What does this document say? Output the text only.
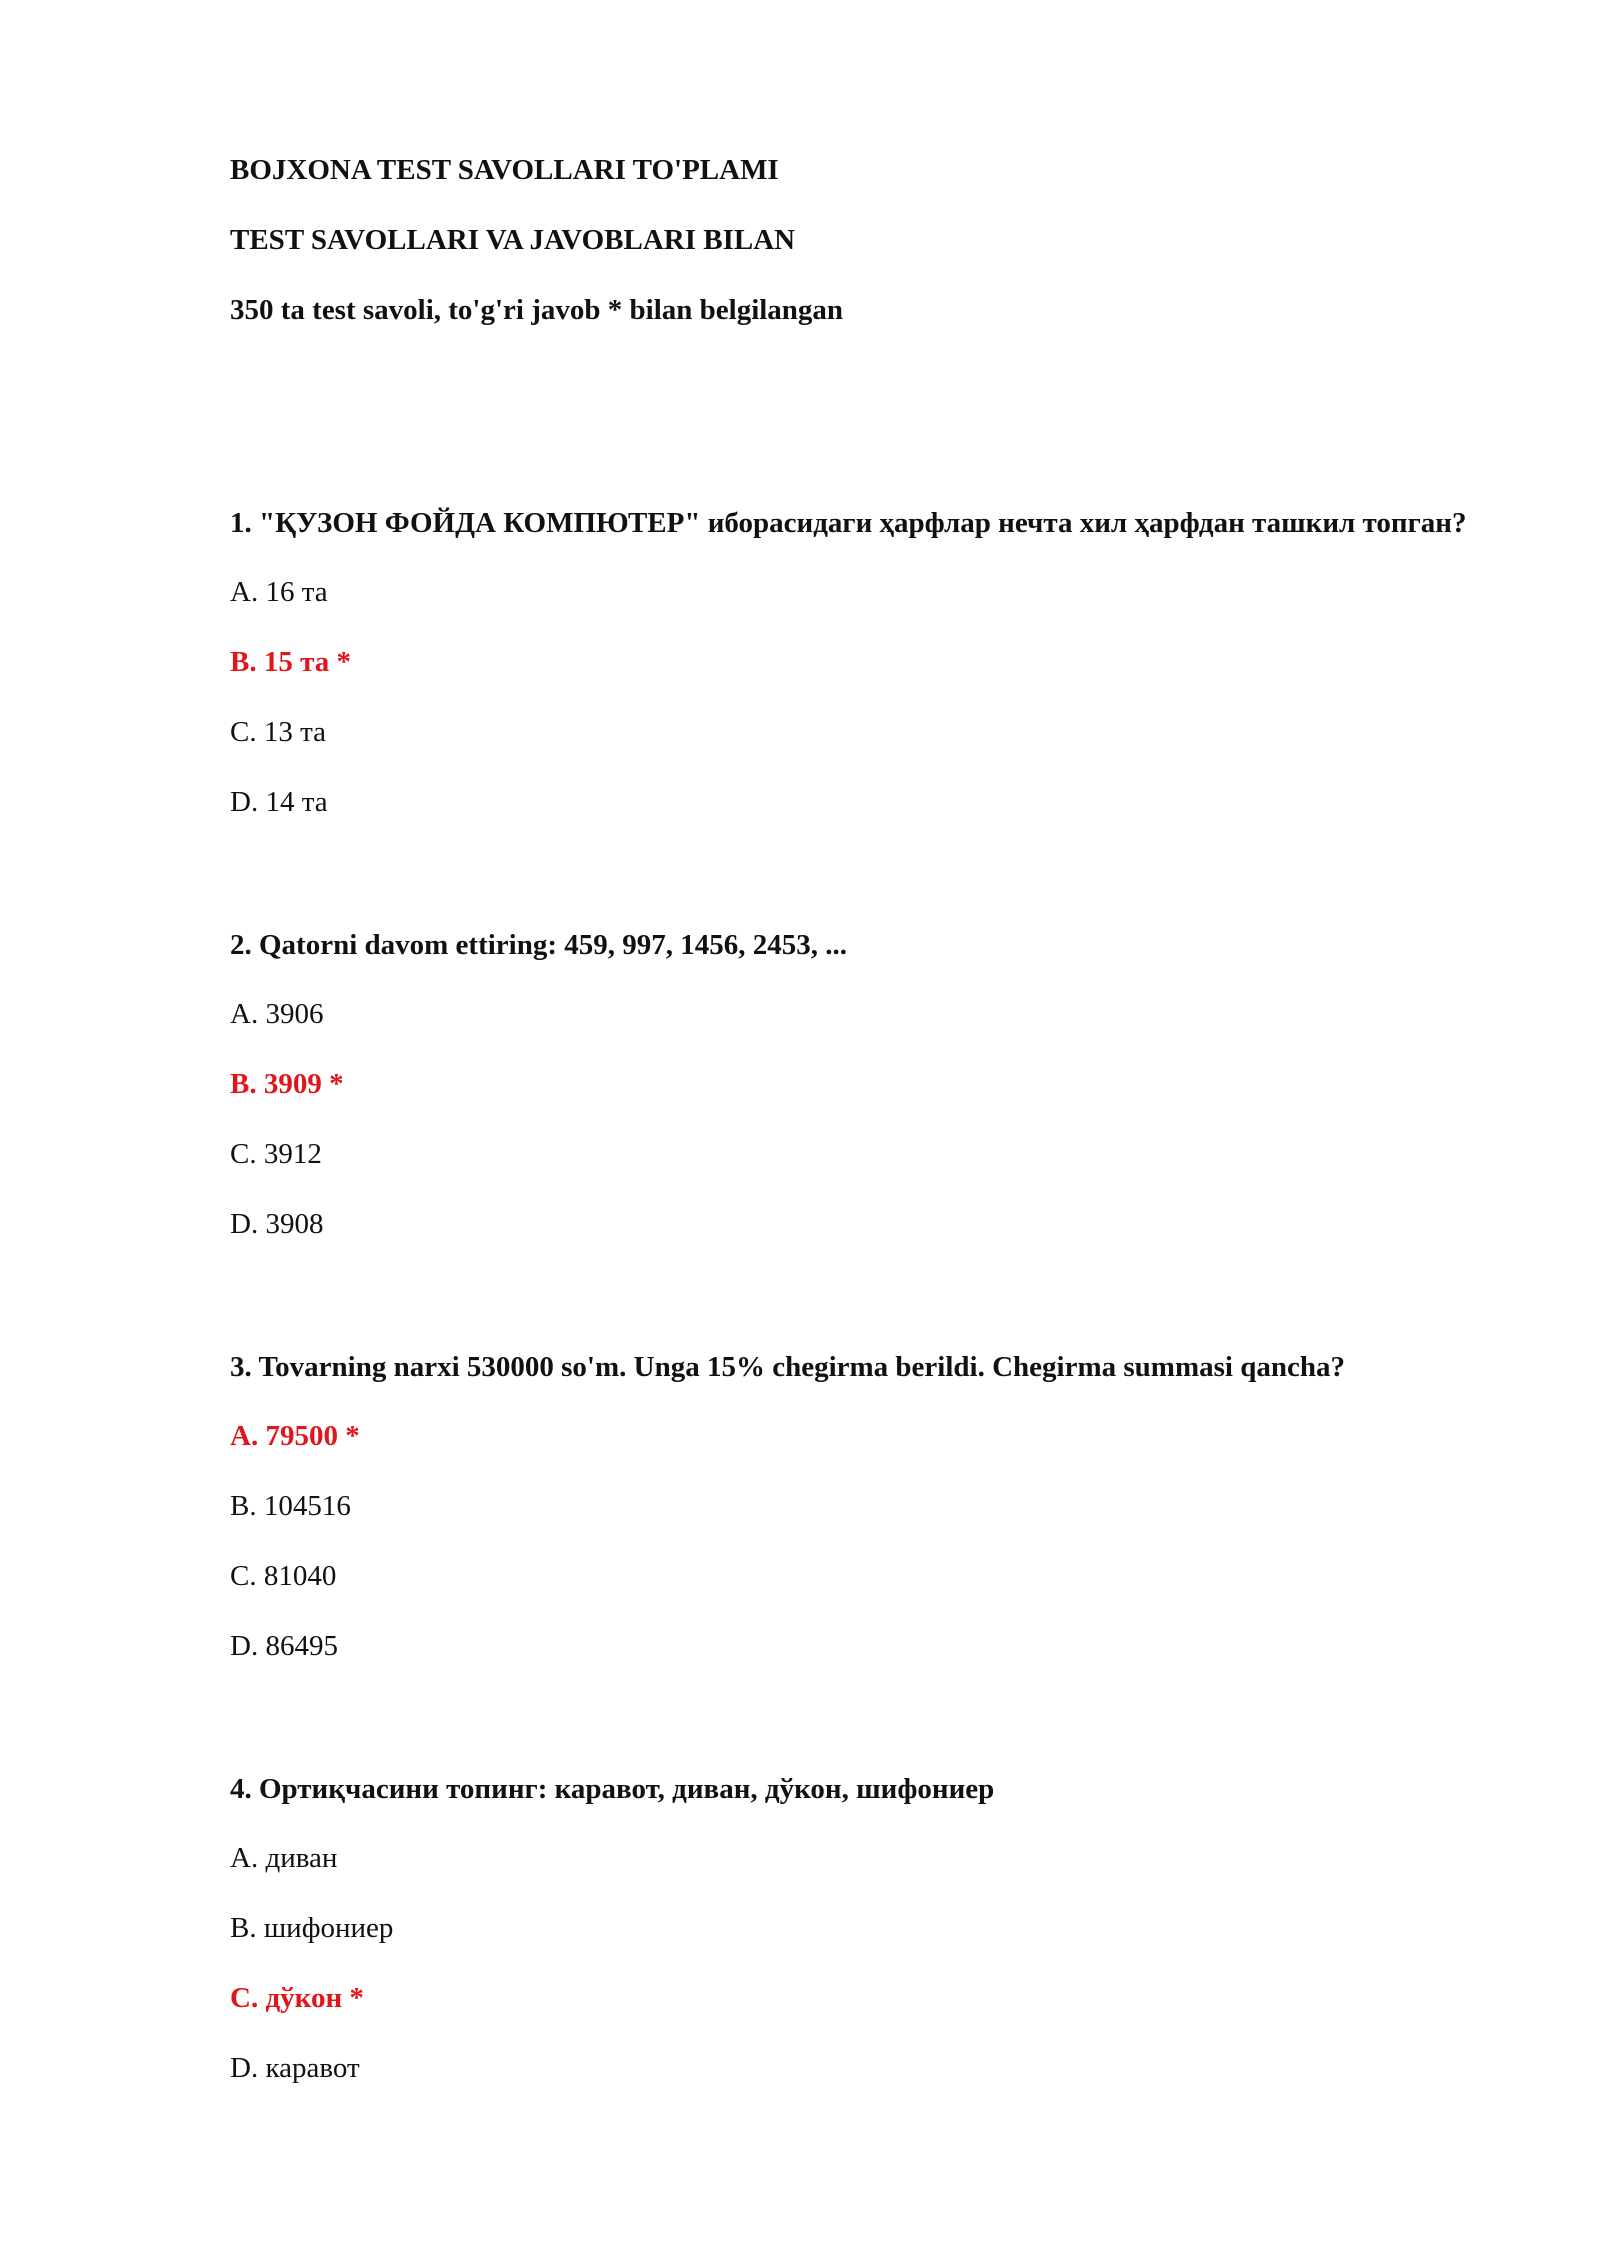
BOJXONA TEST SAVOLLARI TO'PLAMI
TEST SAVOLLARI VA JAVOBLARI BILAN
350 ta test savoli, to'g'ri javob * bilan belgilangan
1. "ҚУЗОН ФОЙДА КОМПЮТЕР" иборасидаги ҳарфлар нечта хил ҳарфдан ташкил топган?
A. 16 та
B. 15 та *
C. 13 та
D. 14 та
2. Qatorni davom ettiring: 459, 997, 1456, 2453, ...
A. 3906
B. 3909 *
C. 3912
D. 3908
3. Tovarning narxi 530000 so'm. Unga 15% chegirma berildi. Chegirma summasi qancha?
A. 79500 *
B. 104516
C. 81040
D. 86495
4. Ортиқчасини топинг: каравот, диван, дўкон, шифониер
A. диван
B. шифониер
C. дўкон *
D. каравот
